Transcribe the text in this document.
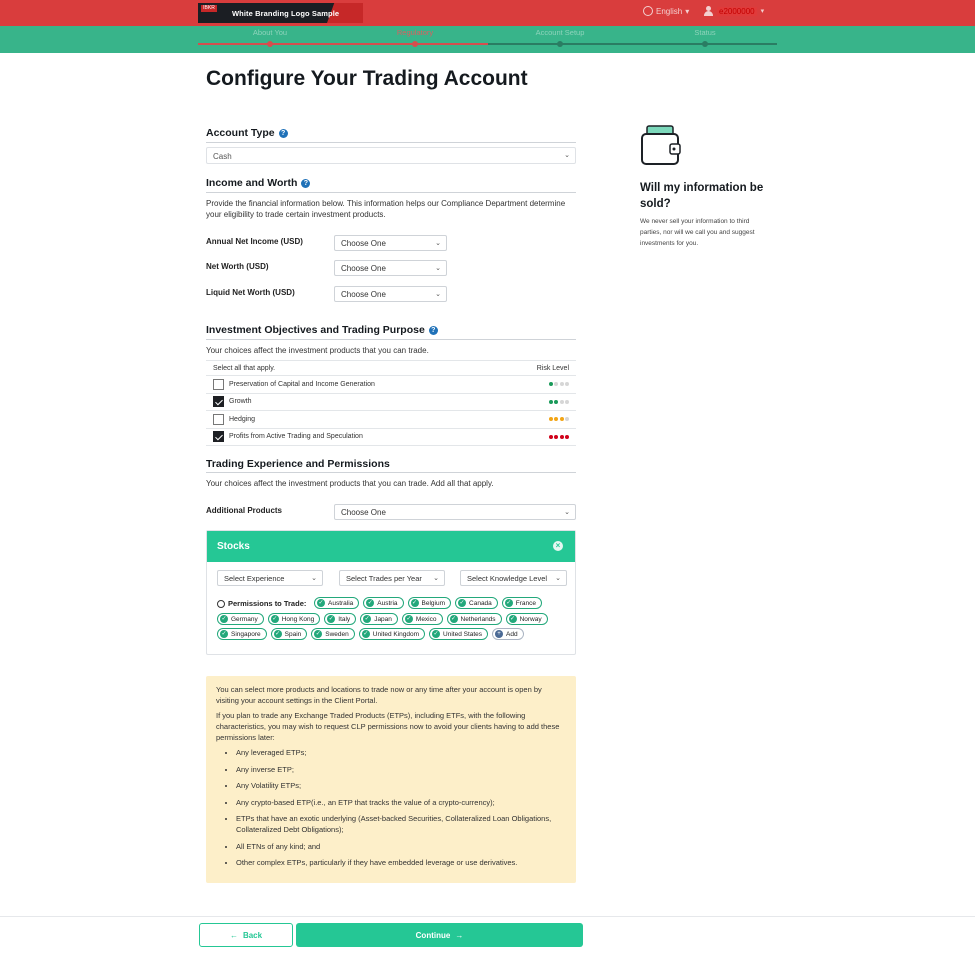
IBKR
White Branding Logo Sample	English ▾	e2000000 ▾
About You	Regulatory	Account Setup	Status
Configure Your Trading Account
Account Type ?
Cash	⌄
Income and Worth ?
Provide the financial information below. This information helps our Compliance Department determine your eligibility to trade certain investment products.
Annual Net Income (USD)	Choose One	⌄
Net Worth (USD)	Choose One	⌄
Liquid Net Worth (USD)	Choose One	⌄
Investment Objectives and Trading Purpose ?
Your choices affect the investment products that you can trade.
Select all that apply.	Risk Level
Preservation of Capital and Income Generation
Growth
Hedging
Profits from Active Trading and Speculation
Trading Experience and Permissions
Your choices affect the investment products that you can trade. Add all that apply.
Additional Products	Choose One	⌄
Stocks	×
Select Experience	⌄	Select Trades per Year ⌄	Select Knowledge Level ⌄
Permissions to Trade: ✓ Australia ✓ Austria ✓ Belgium ✓ Canada ✓ France
✓ Germany ✓ Hong Kong ✓ Italy ✓ Japan ✓ Mexico ✓ Netherlands ✓ Norway
✓ Singapore ✓ Spain ✓ Sweden ✓ United Kingdom ✓ United States	+ Add

You can select more products and locations to trade now or any time after your account is open by visiting your account settings in the Client Portal.

If you plan to trade any Exchange Traded Products (ETPs), including ETFs, with the following characteristics, you may wish to request CLP permissions now to avoid your clients having to add these permissions later:

• Any leveraged ETPs;
• Any inverse ETP;
• Any Volatility ETPs;
• Any crypto-based ETP(i.e., an ETP that tracks the value of a crypto-currency);
• ETPs that have an exotic underlying (Asset-backed Securities, Collateralized Loan Obligations, Collateralized Debt Obligations);
• All ETNs of any kind; and
• Other complex ETPs, particularly if they have embedded leverage or use derivatives.
Will my information be sold?
We never sell your information to third parties, nor will we call you and suggest investments for you.
← Back	Continue →
